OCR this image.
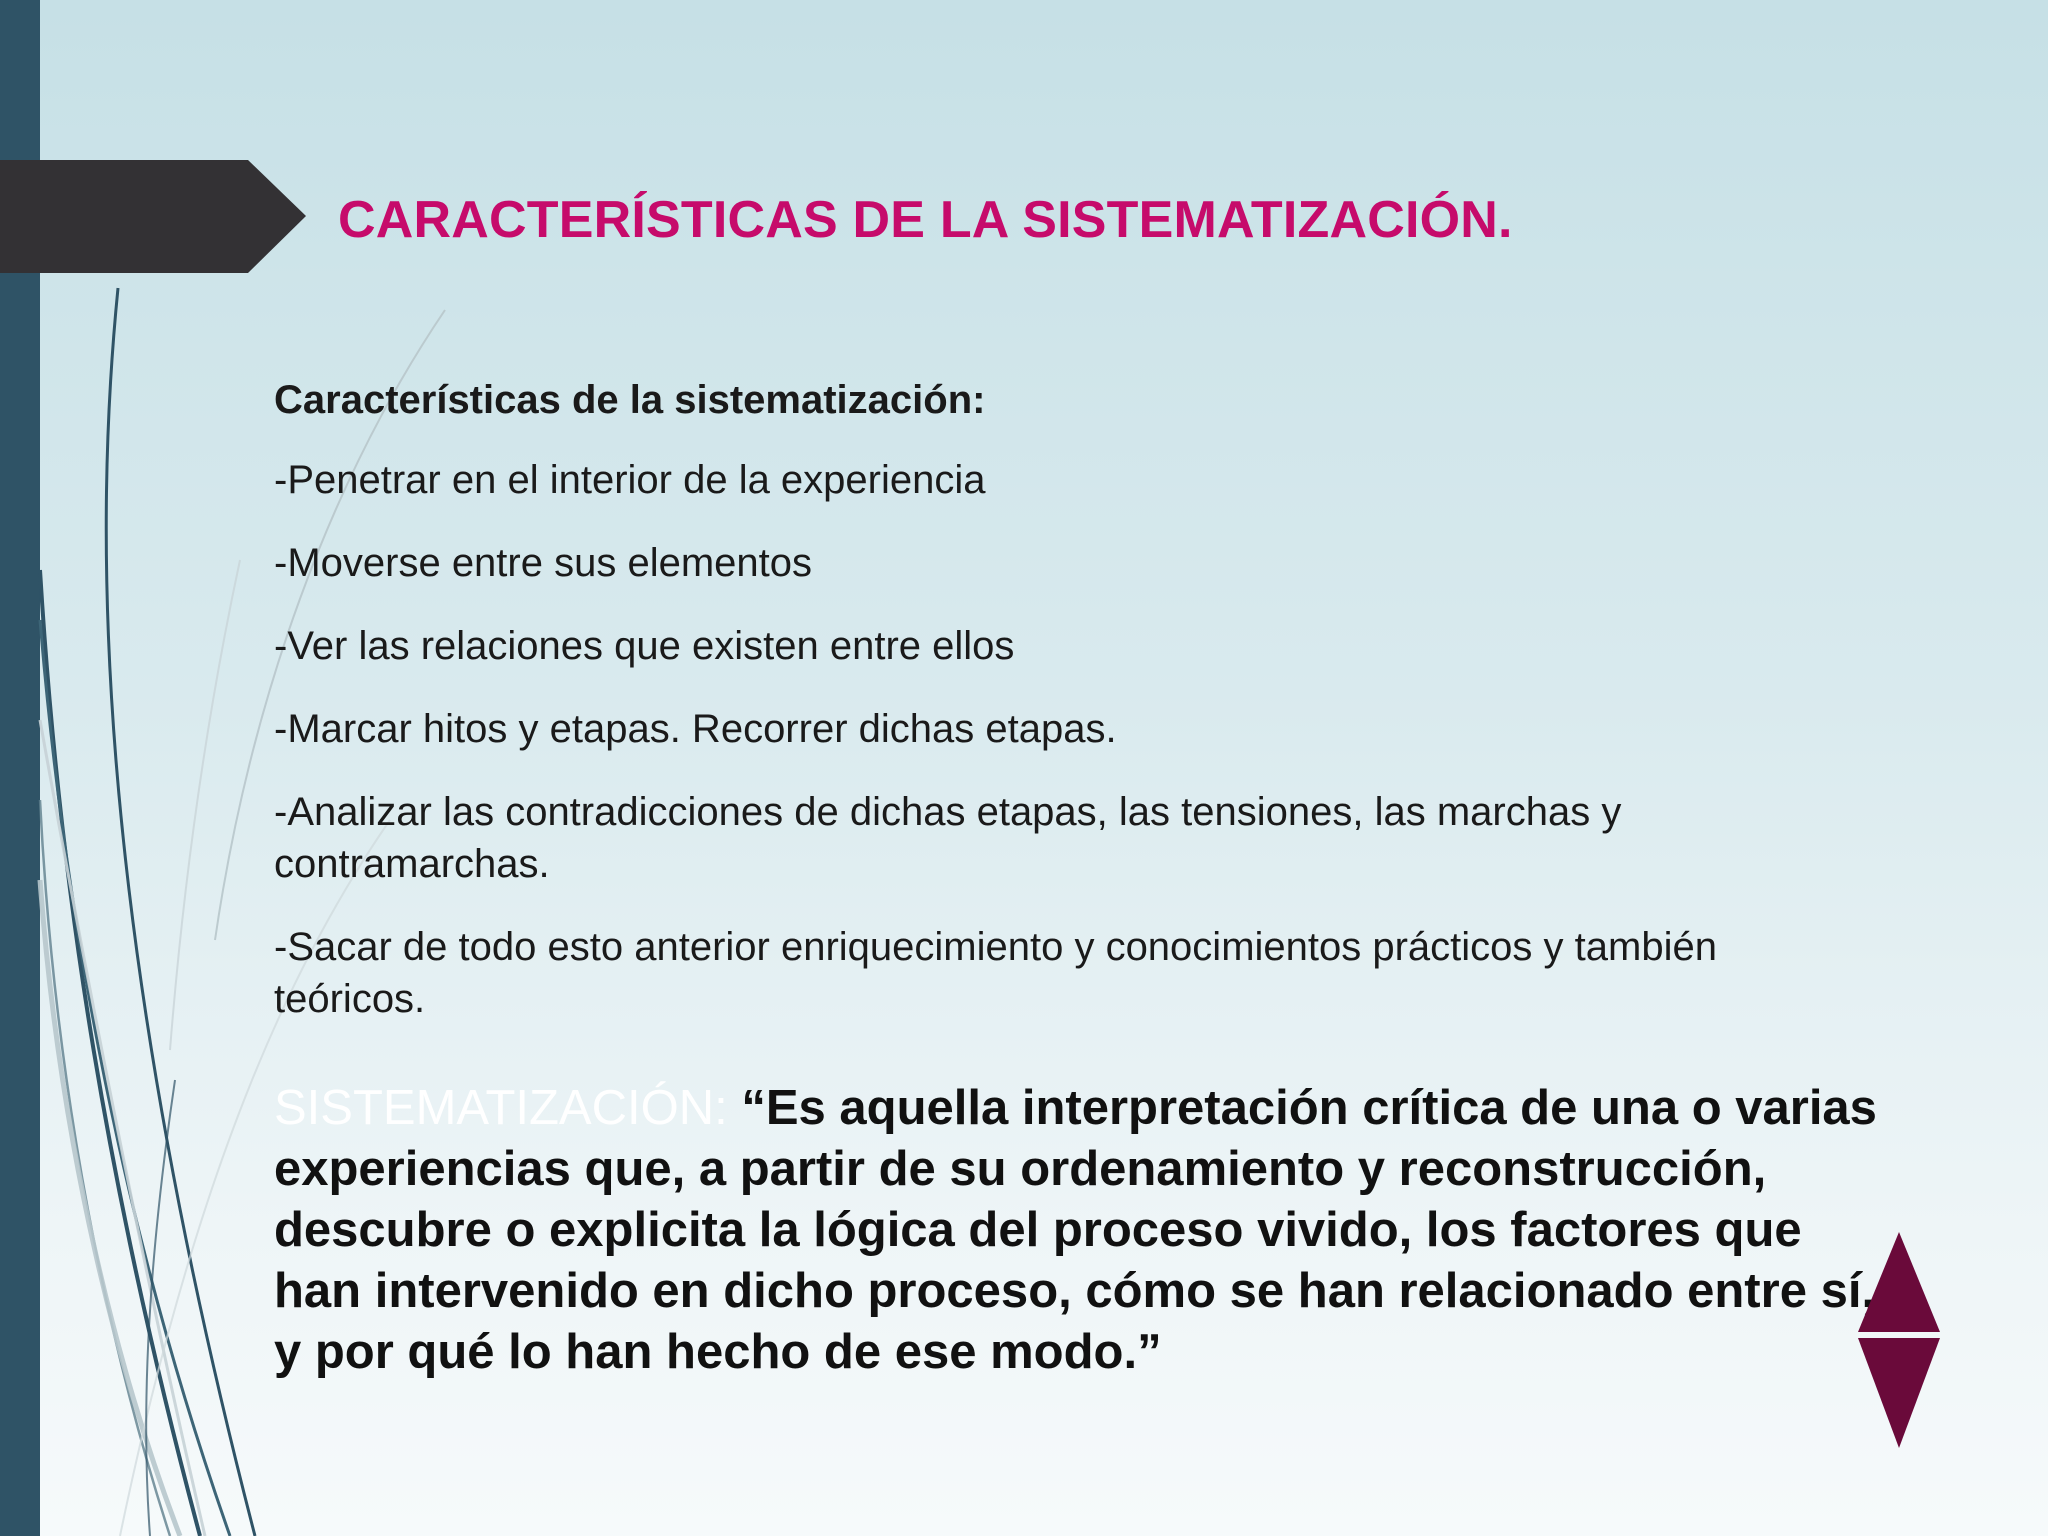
CARACTERÍSTICAS DE LA SISTEMATIZACIÓN.

Características de la sistematización:

-Penetrar en el interior de la experiencia
-Moverse entre sus elementos
-Ver las relaciones que existen entre ellos
-Marcar hitos y etapas. Recorrer dichas etapas.
-Analizar las contradicciones de dichas etapas, las tensiones, las marchas y contramarchas.
-Sacar de todo esto anterior enriquecimiento y conocimientos prácticos y también teóricos.

SISTEMATIZACIÓN: “Es aquella interpretación crítica de una o varias experiencias que, a partir de su ordenamiento y reconstrucción, descubre o explicita la lógica del proceso vivido, los factores que han intervenido en dicho proceso, cómo se han relacionado entre sí, y por qué lo han hecho de ese modo.”
